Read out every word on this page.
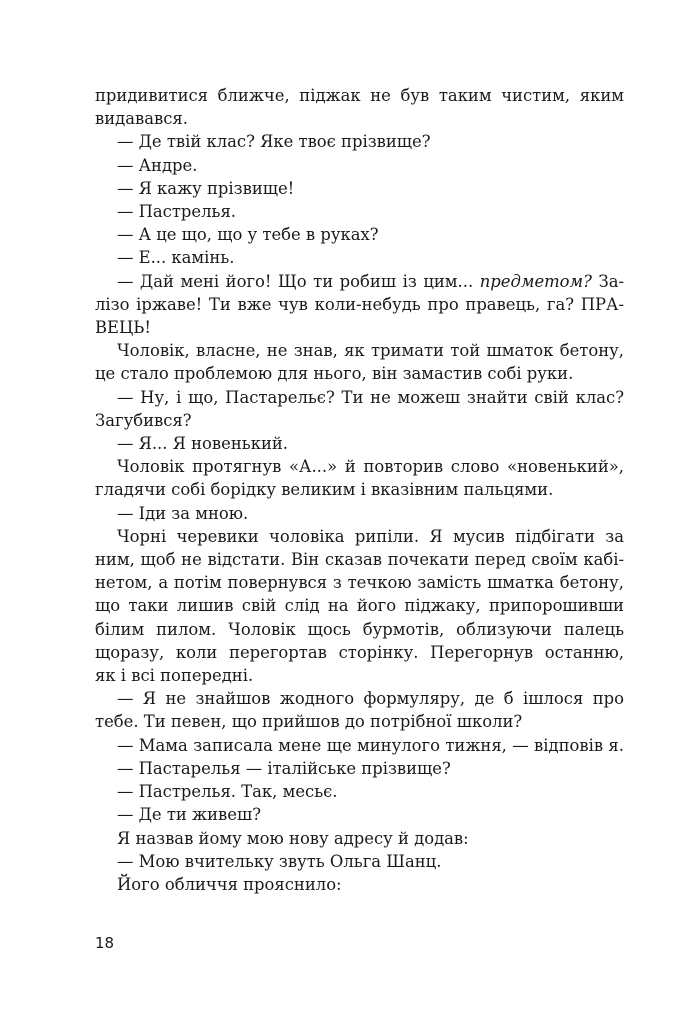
придивитися ближче, піджак не був таким чистим, яким
видавався.
— Де твій клас? Яке твоє прізвище?
— Андре.
— Я кажу прізвище!
— Пастрелья.
— А це що, що у тебе в руках?
— Е... камінь.
— Дай мені його! Що ти робиш із цим... предметом? За-
лізо іржаве! Ти вже чув коли-небудь про правець, га? ПРА-
ВЕЦЬ!
Чоловік, власне, не знав, як тримати той шматок бетону,
це стало проблемою для нього, він замастив собі руки.
— Ну, і що, Пастарельє? Ти не можеш знайти свій клас?
Загубився?
— Я... Я новенький.
Чоловік протягнув «А...» й повторив слово «новенький»,
гладячи собі борідку великим і вказівним пальцями.
— Іди за мною.
Чорні черевики чоловіка рипіли. Я мусив підбігати за
ним, щоб не відстати. Він сказав почекати перед своїм кабі-
нетом, а потім повернувся з течкою замість шматка бетону,
що таки лишив свій слід на його піджаку, припорошивши
білим пилом. Чоловік щось бурмотів, облизуючи палець
щоразу, коли перегортав сторінку. Перегорнув останню,
як і всі попередні.
— Я не знайшов жодного формуляру, де б ішлося про
тебе. Ти певен, що прийшов до потрібної школи?
— Мама записала мене ще минулого тижня, — відповів я.
— Пастарелья — італійське прізвище?
— Пастрелья. Так, месьє.
— Де ти живеш?
Я назвав йому мою нову адресу й додав:
— Мою вчительку звуть Ольга Шанц.
Його обличчя прояснило:
18
